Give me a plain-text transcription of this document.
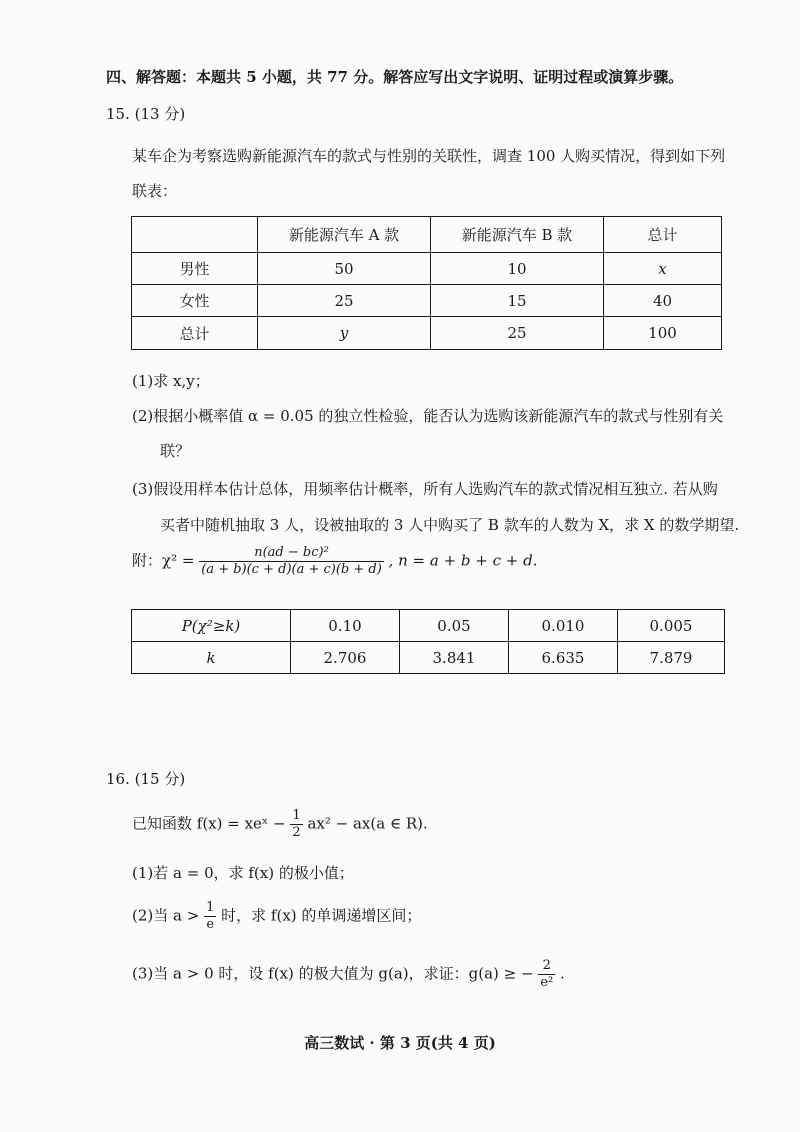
四、解答题：本题共 5 小题，共 77 分。解答应写出文字说明、证明过程或演算步骤。
15. (13 分)
某车企为考察选购新能源汽车的款式与性别的关联性，调查 100 人购买情况，得到如下列
联表：
	新能源汽车 A 款	新能源汽车 B 款	总计
男性	50	10	x
女性	25	15	40
总计	y	25	100
(1)求 x,y；
(2)根据小概率值 α = 0.05 的独立性检验，能否认为选购该新能源汽车的款式与性别有关
联？
(3)假设用样本估计总体，用频率估计概率，所有人选购汽车的款式情况相互独立. 若从购
买者中随机抽取 3 人，设被抽取的 3 人中购买了 B 款车的人数为 X，求 X 的数学期望.
附：$\chi^2 = \frac{\text{n(ad − bc)²}}{(a + b)(c + d)(a + c)(b + d)}$ , n = a + b + c + d.
P(χ²≥k)	0.10	0.05	0.010	0.005
k	2.706	3.841	6.635	7.879
16. (15 分)
已知函数 f(x) = xeˣ − $\frac{1}{2} ax^2 - ax(a$ ∈ R).
(1)若 a = 0，求 f(x) 的极小值；
(2)当 $a > \frac{1}{e}$ 时，求 f(x) 的单调递增区间；
(3)当 a > 0 时，设 f(x) 的极大值为 g(a)，求证：g(a) ≥ − $\frac{2}{\text{e²}}$ .
高三数试 · 第 3 页(共 4 页)
